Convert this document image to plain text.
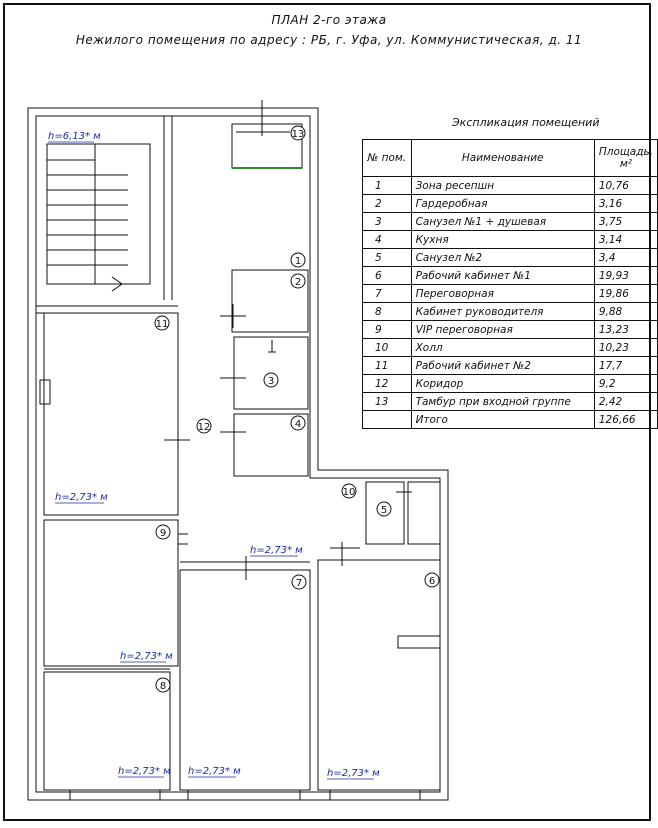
ПЛАН 2-го этажа
Нежилого помещения по адресу : РБ, г. Уфа, ул. Коммунистическая, д. 11
13
1
2
3
4
5
6
7
8
9
10
11
12
h=6,13* м
h=2,73* м
h=2,73* м
h=2,73* м
h=2,73* м h=2,73* м	h=2,73* м
Экспликация помещений
№ пом.	Наименование	Площадь, м²
1	Зона ресепшн	10,76
2	Гардеробная	3,16
3	Санузел №1 + душевая	3,75
4	Кухня	3,14
5	Санузел №2	3,4
6	Рабочий кабинет №1	19,93
7	Переговорная	19,86
8	Кабинет руководителя	9,88
9	VIP переговорная	13,23
10	Холл	10,23
11	Рабочий кабинет №2	17,7
12	Коридор	9,2
13	Тамбур при входной группе	2,42
	Итого	126,66
